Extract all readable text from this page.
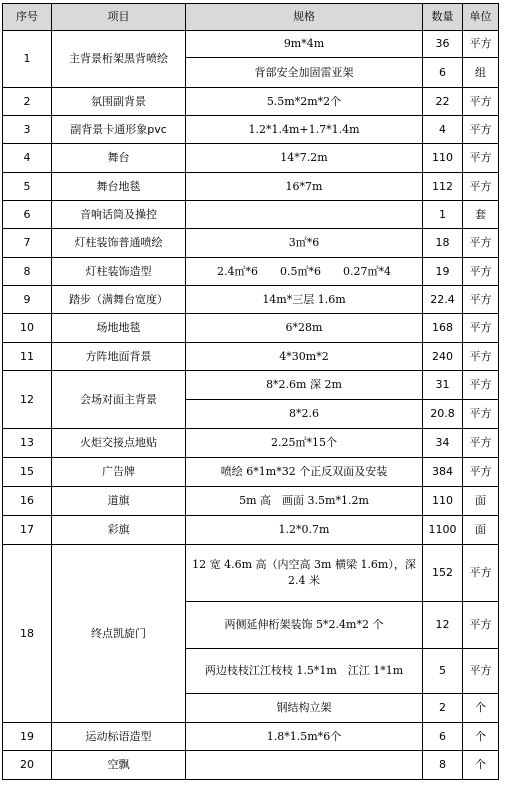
序号	项目	规格	数量	单位
1	主背景桁架黑背喷绘	9m*4m	36	平方
		背部安全加固雷亚架	6	组
2	氛围副背景	5.5m*2m*2个	22	平方
3	副背景卡通形象pvc	1.2*1.4m+1.7*1.4m	4	平方
4	舞台	14*7.2m	110	平方
5	舞台地毯	16*7m	112	平方
6	音响话筒及操控		1	套
7	灯柱装饰普通喷绘	3㎡*6	18	平方
8	灯柱装饰造型	2.4㎡*6　　0.5㎡*6　　0.27㎡*4	19	平方
9	踏步（满舞台宽度）	14m*三层 1.6m	22.4	平方
10	场地地毯	6*28m	168	平方
11	方阵地面背景	4*30m*2	240	平方
12	会场对面主背景	8*2.6m 深 2m	31	平方
		8*2.6	20.8	平方
13	火炬交接点地贴	2.25㎡*15个	34	平方
15	广告牌	喷绘 6*1m*32 个正反双面及安装	384	平方
16	道旗	5m 高　画面 3.5m*1.2m	110	面
17	彩旗	1.2*0.7m	1100	面
18	终点凯旋门	12 宽 4.6m 高（内空高 3m 横梁 1.6m），深 2.4 米	152	平方
		两侧延伸桁架装饰 5*2.4m*2 个	12	平方
		两边枝枝江江枝枝 1.5*1m　江江 1*1m	5	平方
		钢结构立架	2	个
19	运动标语造型	1.8*1.5m*6个	6	个
20	空飘		8	个
